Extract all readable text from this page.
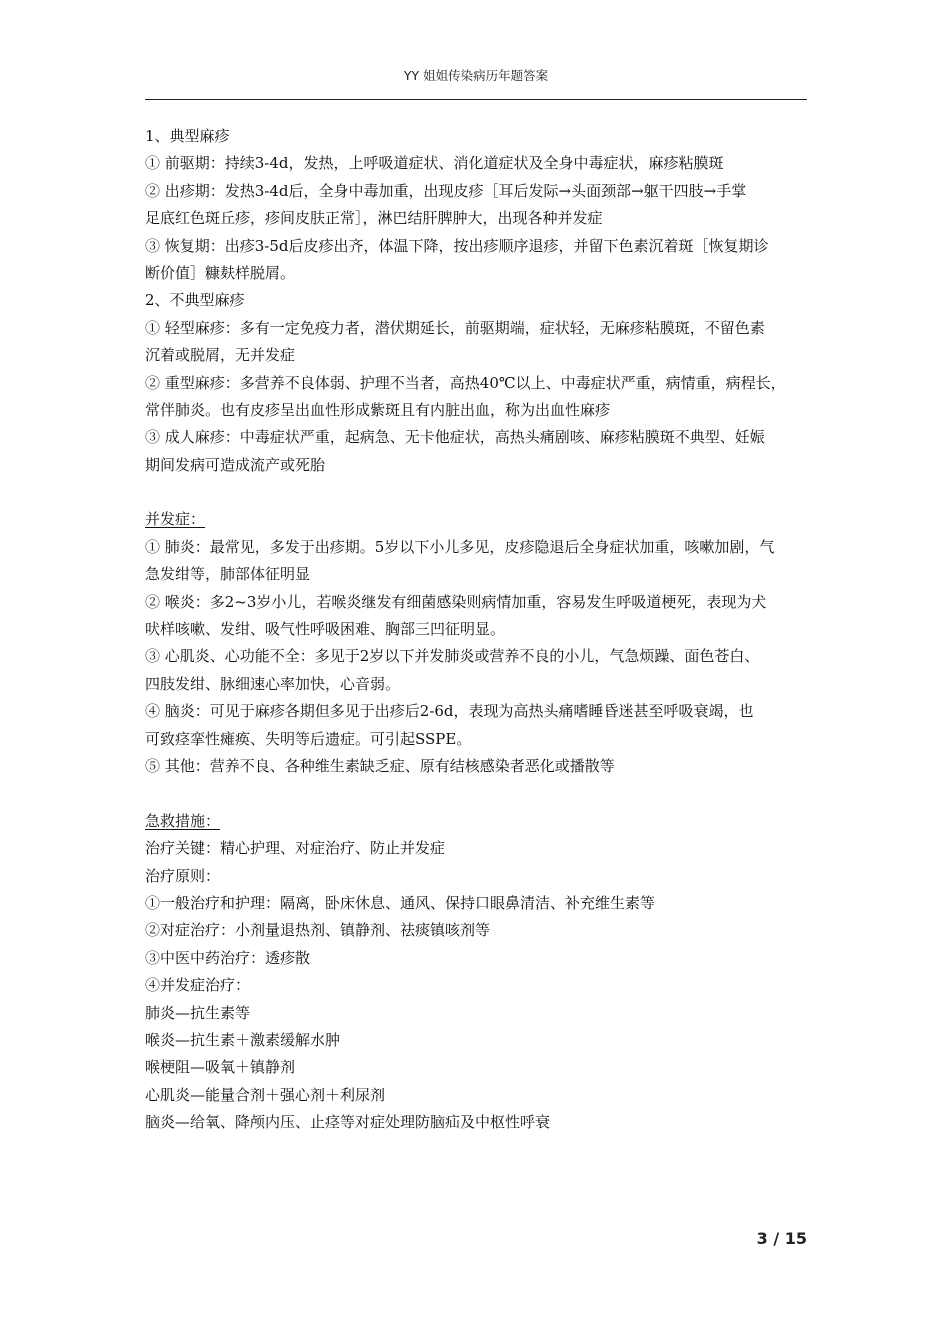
YY 姐姐传染病历年题答案
1、典型麻疹
① 前驱期：持续3-4d，发热，上呼吸道症状、消化道症状及全身中毒症状，麻疹粘膜斑
② 出疹期：发热3-4d后，全身中毒加重，出现皮疹［耳后发际→头面颈部→躯干四肢→手掌
足底红色斑丘疹，疹间皮肤正常］，淋巴结肝脾肿大，出现各种并发症
③ 恢复期：出疹3-5d后皮疹出齐，体温下降，按出疹顺序退疹，并留下色素沉着斑［恢复期诊
断价值］糠麸样脱屑。
2、不典型麻疹
① 轻型麻疹：多有一定免疫力者，潜伏期延长，前驱期端，症状轻，无麻疹粘膜斑，不留色素
沉着或脱屑，无并发症
② 重型麻疹：多营养不良体弱、护理不当者，高热40℃以上、中毒症状严重，病情重，病程长，
常伴肺炎。也有皮疹呈出血性形成紫斑且有内脏出血，称为出血性麻疹
③ 成人麻疹：中毒症状严重，起病急、无卡他症状，高热头痛剧咳、麻疹粘膜斑不典型、妊娠
期间发病可造成流产或死胎
并发症：
① 肺炎：最常见，多发于出疹期。5岁以下小儿多见，皮疹隐退后全身症状加重，咳嗽加剧，气
急发绀等，肺部体征明显
② 喉炎：多2~3岁小儿，若喉炎继发有细菌感染则病情加重，容易发生呼吸道梗死，表现为犬
吠样咳嗽、发绀、吸气性呼吸困难、胸部三凹征明显。
③ 心肌炎、心功能不全：多见于2岁以下并发肺炎或营养不良的小儿，气急烦躁、面色苍白、
四肢发绀、脉细速心率加快，心音弱。
④ 脑炎：可见于麻疹各期但多见于出疹后2-6d，表现为高热头痛嗜睡昏迷甚至呼吸衰竭，也
可致痉挛性瘫痪、失明等后遗症。可引起SSPE。
⑤ 其他：营养不良、各种维生素缺乏症、原有结核感染者恶化或播散等
急救措施：
治疗关键：精心护理、对症治疗、防止并发症
治疗原则：
①一般治疗和护理：隔离，卧床休息、通风、保持口眼鼻清洁、补充维生素等
②对症治疗：小剂量退热剂、镇静剂、祛痰镇咳剂等
③中医中药治疗：透疹散
④并发症治疗：
肺炎—抗生素等
喉炎—抗生素＋激素缓解水肿
喉梗阻—吸氧＋镇静剂
心肌炎—能量合剂＋强心剂＋利尿剂
脑炎—给氧、降颅内压、止痉等对症处理防脑疝及中枢性呼衰
3 / 15
